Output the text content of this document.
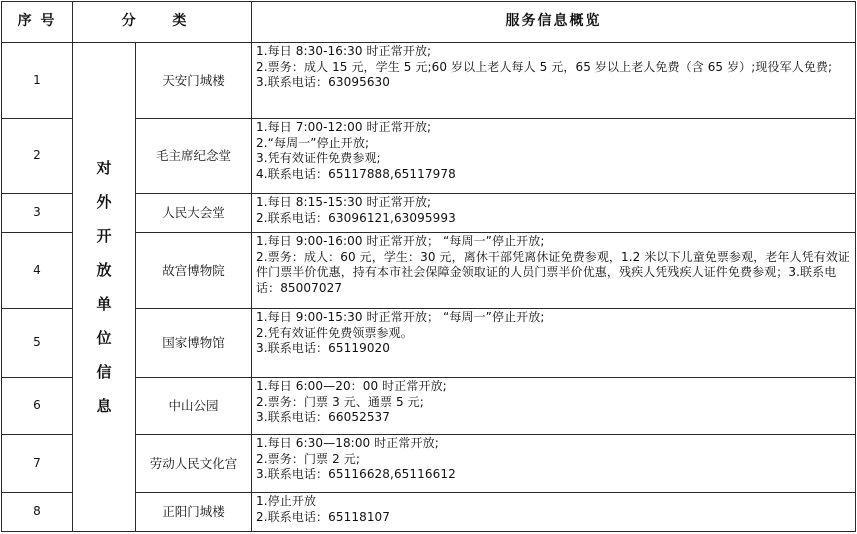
序 号	分 类		服务信息概览
1	对外开放单位信息	天安门城楼	1.每日 8:30-16:30 时正常开放;
2.票务：成人 15 元，学生 5 元;60 岁以上老人每人 5 元，65 岁以上老人免费（含 65 岁）;现役军人免费;
3.联系电话：63095630

2		毛主席纪念堂	1.每日 7:00-12:00 时正常开放;
2.“每周一”停止开放;
3.凭有效证件免费参观;
4.联系电话：65117888,65117978

3		人民大会堂	1.每日 8:15-15:30 时正常开放;
2.联系电话：63096121,63095993

4		故宫博物院	1.每日 9:00-16:00 时正常开放； “每周一”停止开放;
2.票务：成人：60 元，学生：30 元，离休干部凭离休证免费参观，1.2 米以下儿童免票参观，老年人凭有效证件门票半价优惠，持有本市社会保障金领取证的人员门票半价优惠，残疾人凭残疾人证件免费参观；3.联系电话：85007027

5		国家博物馆	1.每日 9:00-15:30 时正常开放； “每周一”停止开放;
2.凭有效证件免费领票参观。
3.联系电话：65119020

6		中山公园	1.每日 6:00—20：00 时正常开放;
2.票务：门票 3 元、通票 5 元;
3.联系电话：66052537

7		劳动人民文化宫	1.每日 6:30—18:00 时正常开放;
2.票务：门票 2 元;
3.联系电话：65116628,65116612

8		正阳门城楼	1.停止开放
2.联系电话：65118107
